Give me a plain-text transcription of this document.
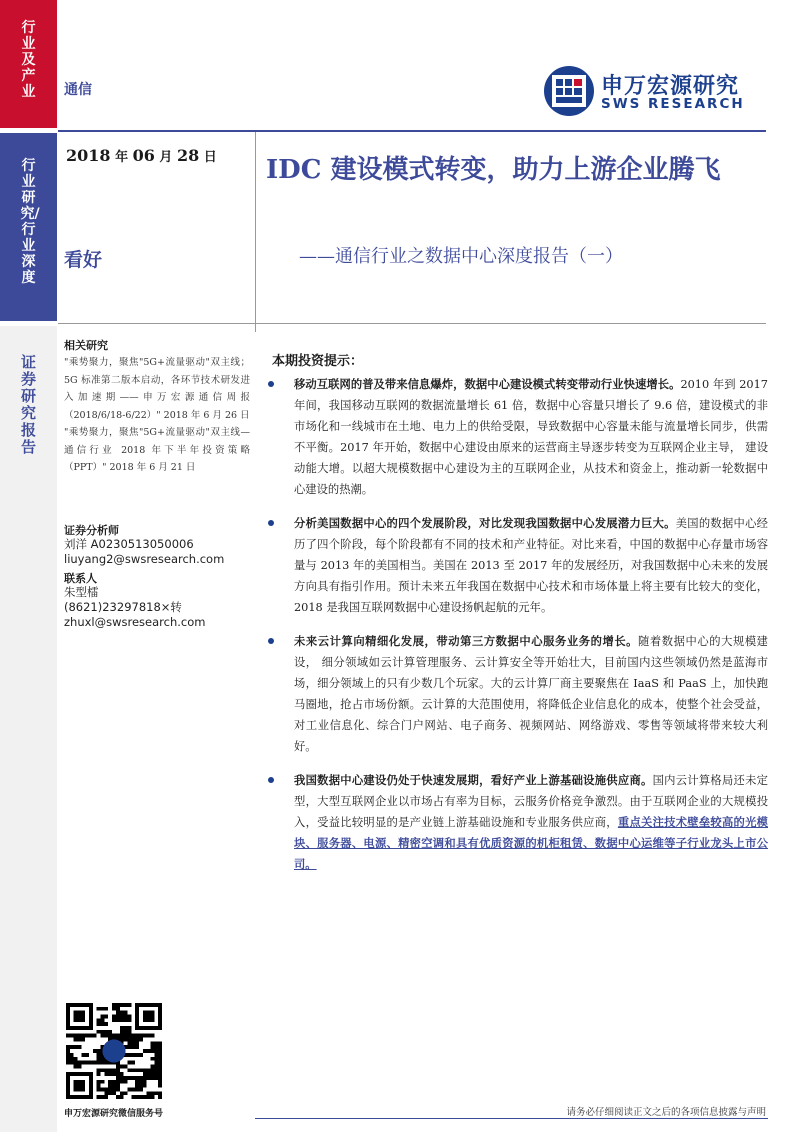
行业及产业
行业研究/行业深度
证券研究报告
通信	申万宏源研究
SWS RESEARCH
2018 年 06 月 28 日
看好
IDC 建设模式转变，助力上游企业腾飞
——通信行业之数据中心深度报告（一）
相关研究
"乘势聚力，聚焦"5G+流量驱动"双主线；5G 标准第二版本启动，各环节技术研发进入加速期——申万宏源通信周报（2018/6/18-6/22）" 2018 年 6 月 26 日
"乘势聚力，聚焦"5G+流量驱动"双主线—通信行业 2018 年下半年投资策略（PPT）" 2018 年 6 月 21 日
证券分析师
刘洋 A0230513050006
liuyang2@swsresearch.com
联系人
朱型檑
(8621)23297818×转
zhuxl@swsresearch.com
本期投资提示：
移动互联网的普及带来信息爆炸，数据中心建设模式转变带动行业快速增长。2010 年到 2017 年间，我国移动互联网的数据流量增长 61 倍，数据中心容量只增长了 9.6 倍，建设模式的非市场化和一线城市在土地、电力上的供给受限，导致数据中心容量未能与流量增长同步，供需不平衡。2017 年开始，数据中心建设由原来的运营商主导逐步转变为互联网企业主导， 建设动能大增。以超大规模数据中心建设为主的互联网企业，从技术和资金上，推动新一轮数据中心建设的热潮。
分析美国数据中心的四个发展阶段，对比发现我国数据中心发展潜力巨大。美国的数据中心经历了四个阶段，每个阶段都有不同的技术和产业特征。对比来看，中国的数据中心存量市场容量与 2013 年的美国相当。美国在 2013 至 2017 年的发展经历，对我国数据中心未来的发展方向具有指引作用。预计未来五年我国在数据中心技术和市场体量上将主要有比较大的变化，2018 是我国互联网数据中心建设扬帆起航的元年。
未来云计算向精细化发展，带动第三方数据中心服务业务的增长。随着数据中心的大规模建设， 细分领域如云计算管理服务、云计算安全等开始壮大，目前国内这些领域仍然是蓝海市场，细分领域上的只有少数几个玩家。大的云计算厂商主要聚焦在 IaaS 和 PaaS 上，加快跑马圈地，抢占市场份额。云计算的大范围使用，将降低企业信息化的成本，使整个社会受益，对工业信息化、综合门户网站、电子商务、视频网站、网络游戏、零售等领域将带来较大利好。
我国数据中心建设仍处于快速发展期，看好产业上游基础设施供应商。国内云计算格局还未定型，大型互联网企业以市场占有率为目标，云服务价格竞争激烈。由于互联网企业的大规模投入，受益比较明显的是产业链上游基础设施和专业服务供应商，重点关注技术壁垒较高的光模块、服务器、电源、精密空调和具有优质资源的机柜租赁、数据中心运维等子行业龙头上市公司。
申万宏源研究微信服务号	请务必仔细阅读正文之后的各项信息披露与声明
